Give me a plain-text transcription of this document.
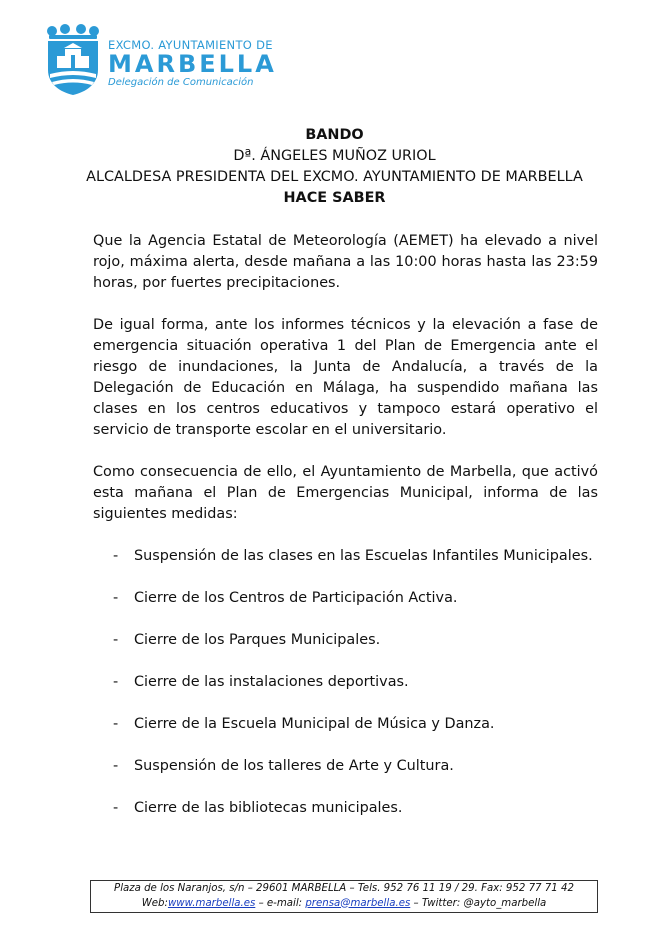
EXCMO. AYUNTAMIENTO DE
MARBELLA
Delegación de Comunicación
BANDO
Dª. ÁNGELES MUÑOZ URIOL
ALCALDESA PRESIDENTA DEL EXCMO. AYUNTAMIENTO DE MARBELLA
HACE SABER

Que la Agencia Estatal de Meteorología (AEMET) ha elevado a nivel rojo, máxima alerta, desde mañana a las 10:00 horas hasta las 23:59 horas, por fuertes precipitaciones.

De igual forma, ante los informes técnicos y la elevación a fase de emergencia situación operativa 1 del Plan de Emergencia ante el riesgo de inundaciones, la Junta de Andalucía, a través de la Delegación de Educación en Málaga, ha suspendido mañana las clases en los centros educativos y tampoco estará operativo el servicio de transporte escolar en el universitario.

Como consecuencia de ello, el Ayuntamiento de Marbella, que activó esta mañana el Plan de Emergencias Municipal, informa de las siguientes medidas:

- Suspensión de las clases en las Escuelas Infantiles Municipales.
- Cierre de los Centros de Participación Activa.
- Cierre de los Parques Municipales.
- Cierre de las instalaciones deportivas.
- Cierre de la Escuela Municipal de Música y Danza.
- Suspensión de los talleres de Arte y Cultura.
- Cierre de las bibliotecas municipales.
Plaza de los Naranjos, s/n – 29601 MARBELLA – Tels. 952 76 11 19 / 29. Fax: 952 77 71 42
Web:www.marbella.es – e-mail: prensa@marbella.es – Twitter: @ayto_marbella
